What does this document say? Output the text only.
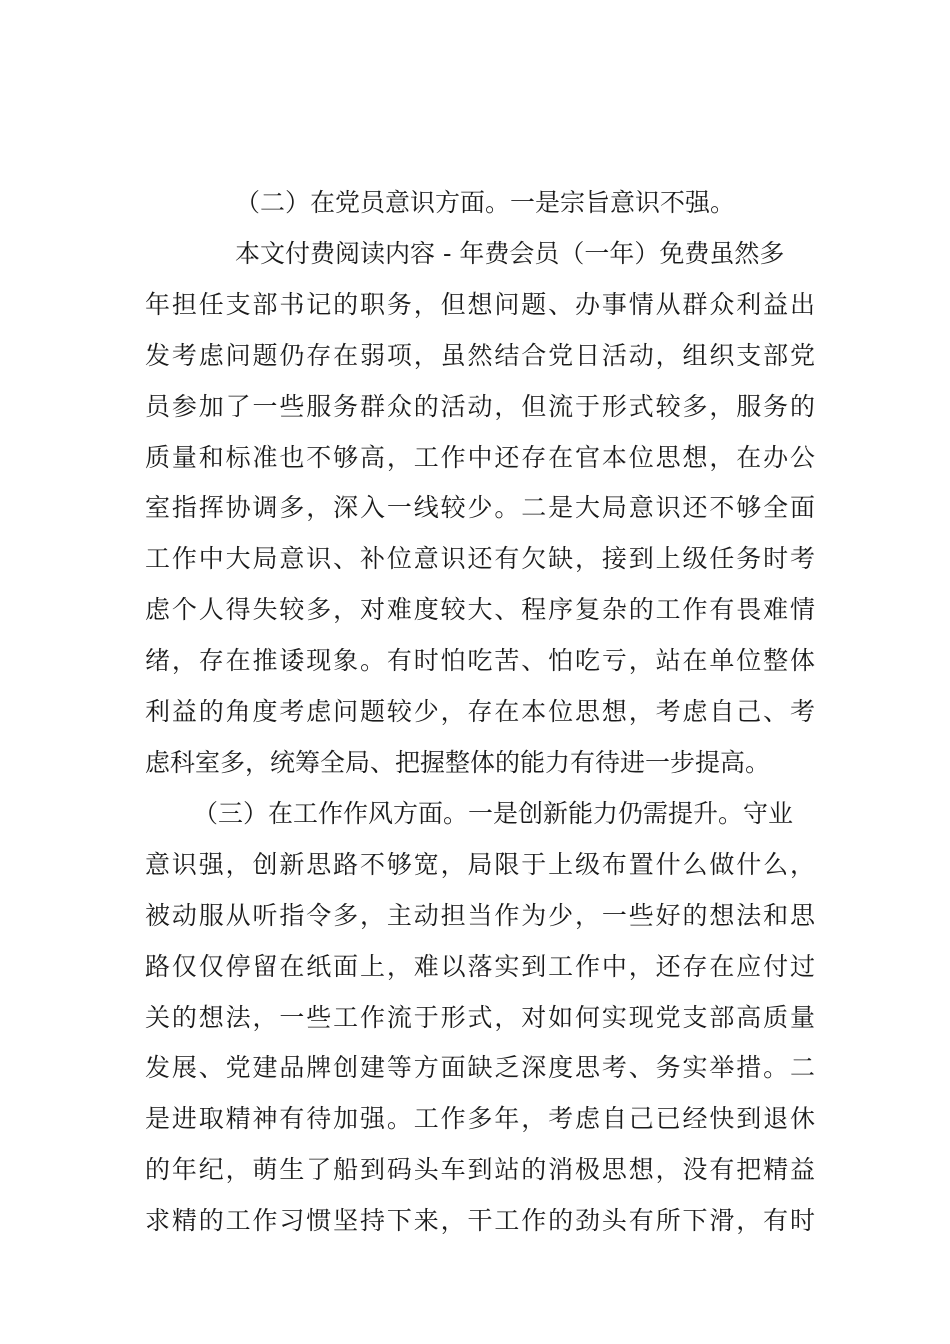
（二）在党员意识方面。一是宗旨意识不强。
本文付费阅读内容 - 年费会员（一年）免费虽然多
年担任支部书记的职务，但想问题、办事情从群众利益出
发考虑问题仍存在弱项，虽然结合党日活动，组织支部党
员参加了一些服务群众的活动，但流于形式较多，服务的
质量和标准也不够高，工作中还存在官本位思想，在办公
室指挥协调多，深入一线较少。二是大局意识还不够全面
工作中大局意识、补位意识还有欠缺，接到上级任务时考
虑个人得失较多，对难度较大、程序复杂的工作有畏难情
绪，存在推诿现象。有时怕吃苦、怕吃亏，站在单位整体
利益的角度考虑问题较少，存在本位思想，考虑自己、考
虑科室多，统筹全局、把握整体的能力有待进一步提高。
（三）在工作作风方面。一是创新能力仍需提升。守业
意识强，创新思路不够宽，局限于上级布置什么做什么，
被动服从听指令多，主动担当作为少，一些好的想法和思
路仅仅停留在纸面上，难以落实到工作中，还存在应付过
关的想法，一些工作流于形式，对如何实现党支部高质量
发展、党建品牌创建等方面缺乏深度思考、务实举措。二
是进取精神有待加强。工作多年，考虑自己已经快到退休
的年纪，萌生了船到码头车到站的消极思想，没有把精益
求精的工作习惯坚持下来，干工作的劲头有所下滑，有时
